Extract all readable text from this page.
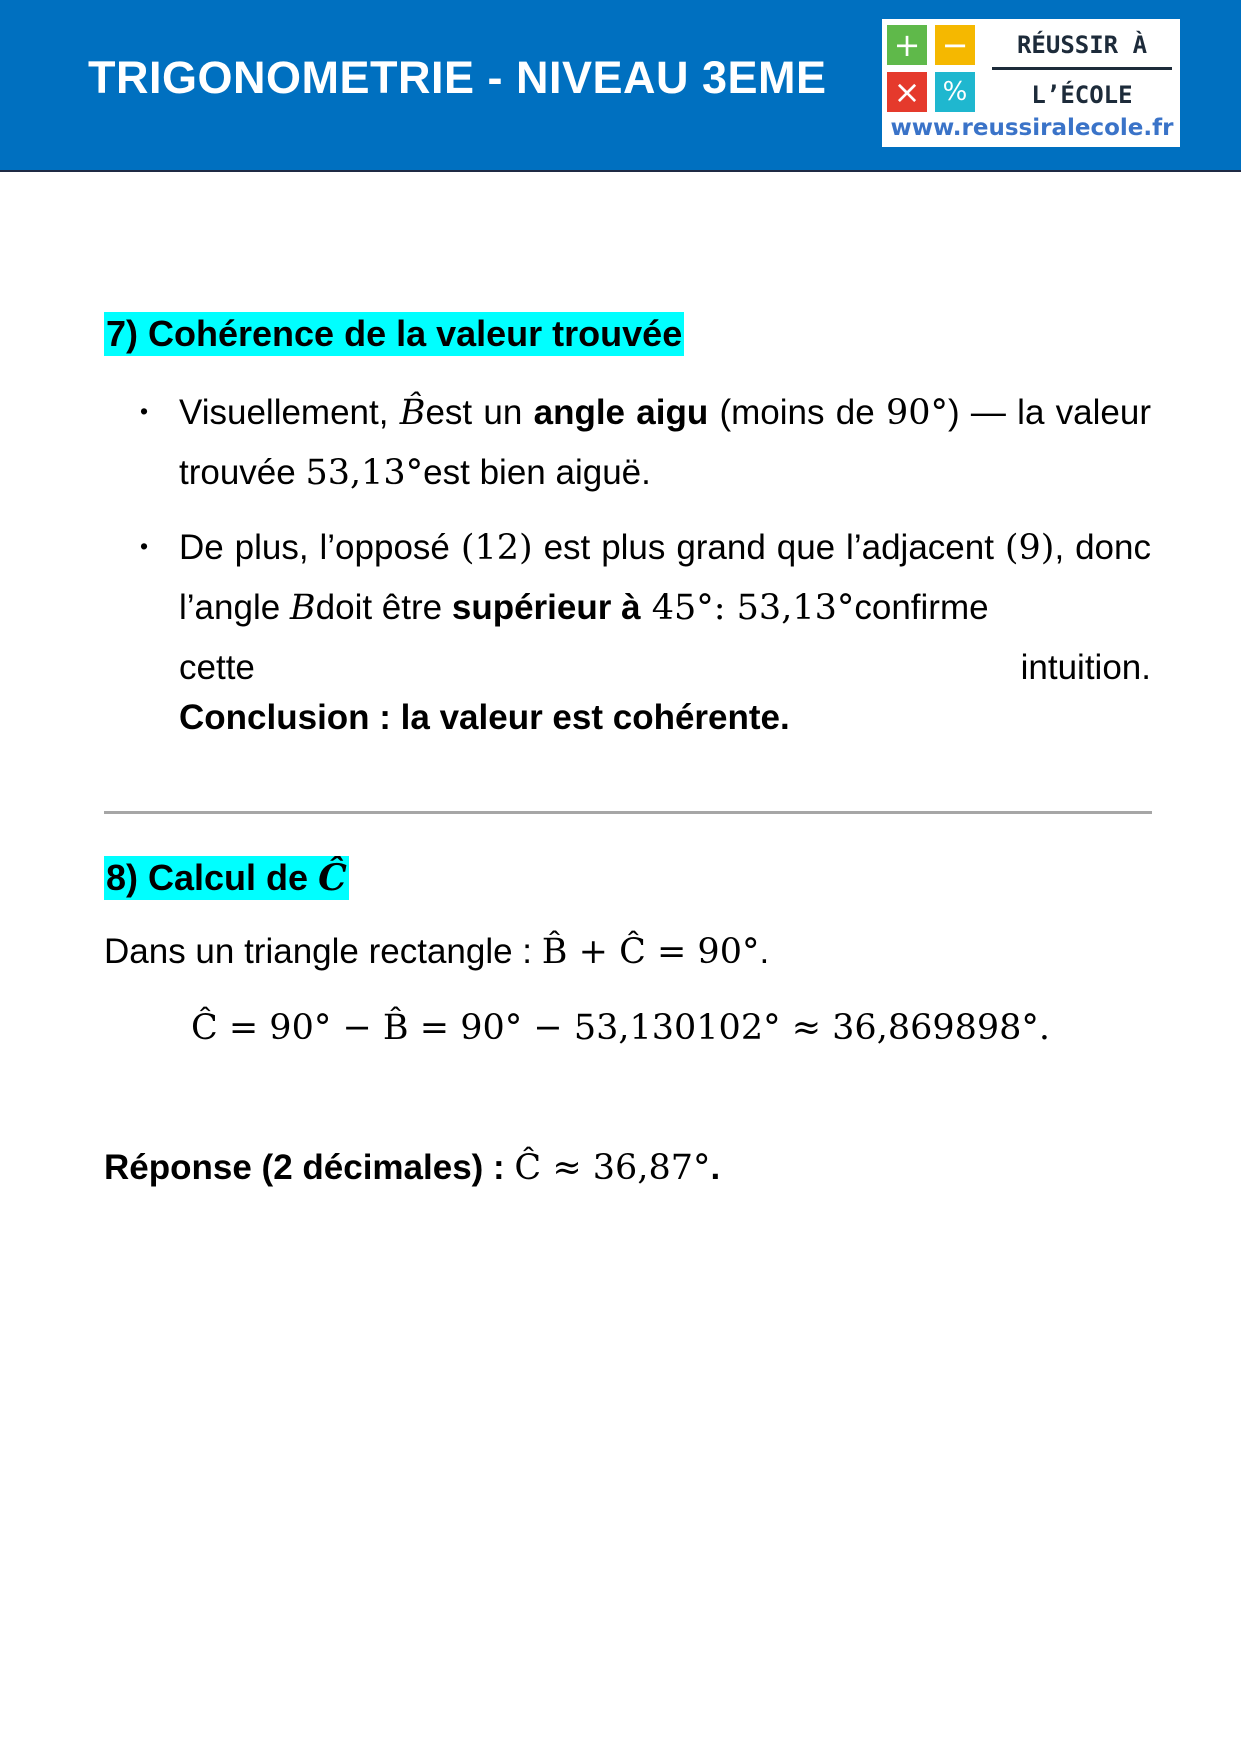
TRIGONOMETRIE - NIVEAU 3EME
+ −
× %
RÉUSSIR À
L’ÉCOLE
www.reussiralecole.fr
7) Cohérence de la valeur trouvée
• Visuellement, B̂est un angle aigu (moins de 90°) — la valeur trouvée 53,13°est bien aiguë.
• De plus, l’opposé (12) est plus grand que l’adjacent (9), donc l’angle Bdoit être supérieur à 45°: 53,13°confirme
cette	intuition.
Conclusion : la valeur est cohérente.
8) Calcul de Ĉ
Dans un triangle rectangle : B̂ + Ĉ = 90°.
Ĉ = 90° − B̂ = 90° − 53,130102° ≈ 36,869898°.
Réponse (2 décimales) : Ĉ ≈ 36,87°.
